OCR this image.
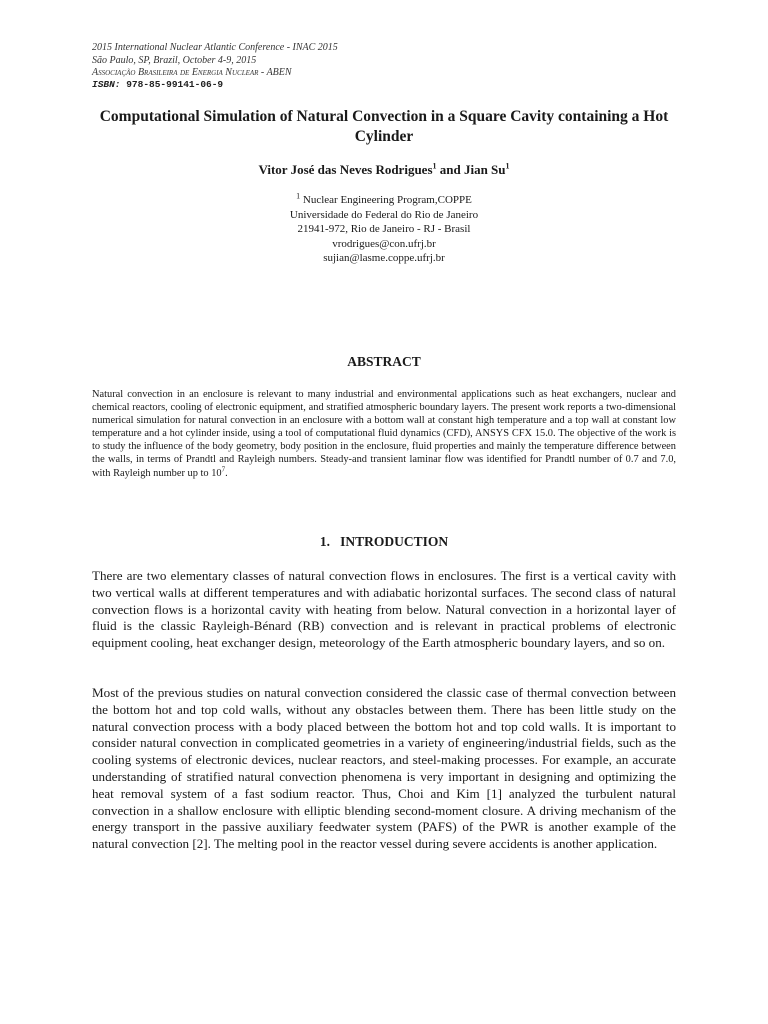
2015 International Nuclear Atlantic Conference - INAC 2015
São Paulo, SP, Brazil, October 4-9, 2015
Associação Brasileira de Energia Nuclear - ABEN
ISBN: 978-85-99141-06-9
Computational Simulation of Natural Convection in a Square Cavity containing a Hot Cylinder
Vitor José das Neves Rodrigues$^1$ and Jian Su$^1$
$^1$ Nuclear Engineering Program,COPPE
Universidade do Federal do Rio de Janeiro
21941-972, Rio de Janeiro - RJ - Brasil
vrodrigues@con.ufrj.br
sujian@lasme.coppe.ufrj.br
ABSTRACT
Natural convection in an enclosure is relevant to many industrial and environmental applications such as heat exchangers, nuclear and chemical reactors, cooling of electronic equipment, and stratified atmospheric boundary layers. The present work reports a two-dimensional numerical simulation for natural convection in an enclosure with a bottom wall at constant high temperature and a top wall at constant low temperature and a hot cylinder inside, using a tool of computational fluid dynamics (CFD), ANSYS CFX 15.0. The objective of the work is to study the influence of the body geometry, body position in the enclosure, fluid properties and mainly the temperature difference between the walls, in terms of Prandtl and Rayleigh numbers. Steady-and transient laminar flow was identified for Prandtl number of 0.7 and 7.0, with Rayleigh number up to $10^7$.
1.   INTRODUCTION
There are two elementary classes of natural convection flows in enclosures. The first is a vertical cavity with two vertical walls at different temperatures and with adiabatic horizontal surfaces. The second class of natural convection flows is a horizontal cavity with heating from below. Natural convection in a horizontal layer of fluid is the classic Rayleigh-Bénard (RB) convection and is relevant in practical problems of electronic equipment cooling, heat exchanger design, meteorology of the Earth atmospheric boundary layers, and so on.
Most of the previous studies on natural convection considered the classic case of thermal convection between the bottom hot and top cold walls, without any obstacles between them. There has been little study on the natural convection process with a body placed between the bottom hot and top cold walls. It is important to consider natural convection in complicated geometries in a variety of engineering/industrial fields, such as the cooling systems of electronic devices, nuclear reactors, and steel-making processes. For example, an accurate understanding of stratified natural convection phenomena is very important in designing and optimizing the heat removal system of a fast sodium reactor. Thus, Choi and Kim [1] analyzed the turbulent natural convection in a shallow enclosure with elliptic blending second-moment closure. A driving mechanism of the energy transport in the passive auxiliary feedwater system (PAFS) of the PWR is another example of the natural convection [2]. The melting pool in the reactor vessel during severe accidents is another application.
